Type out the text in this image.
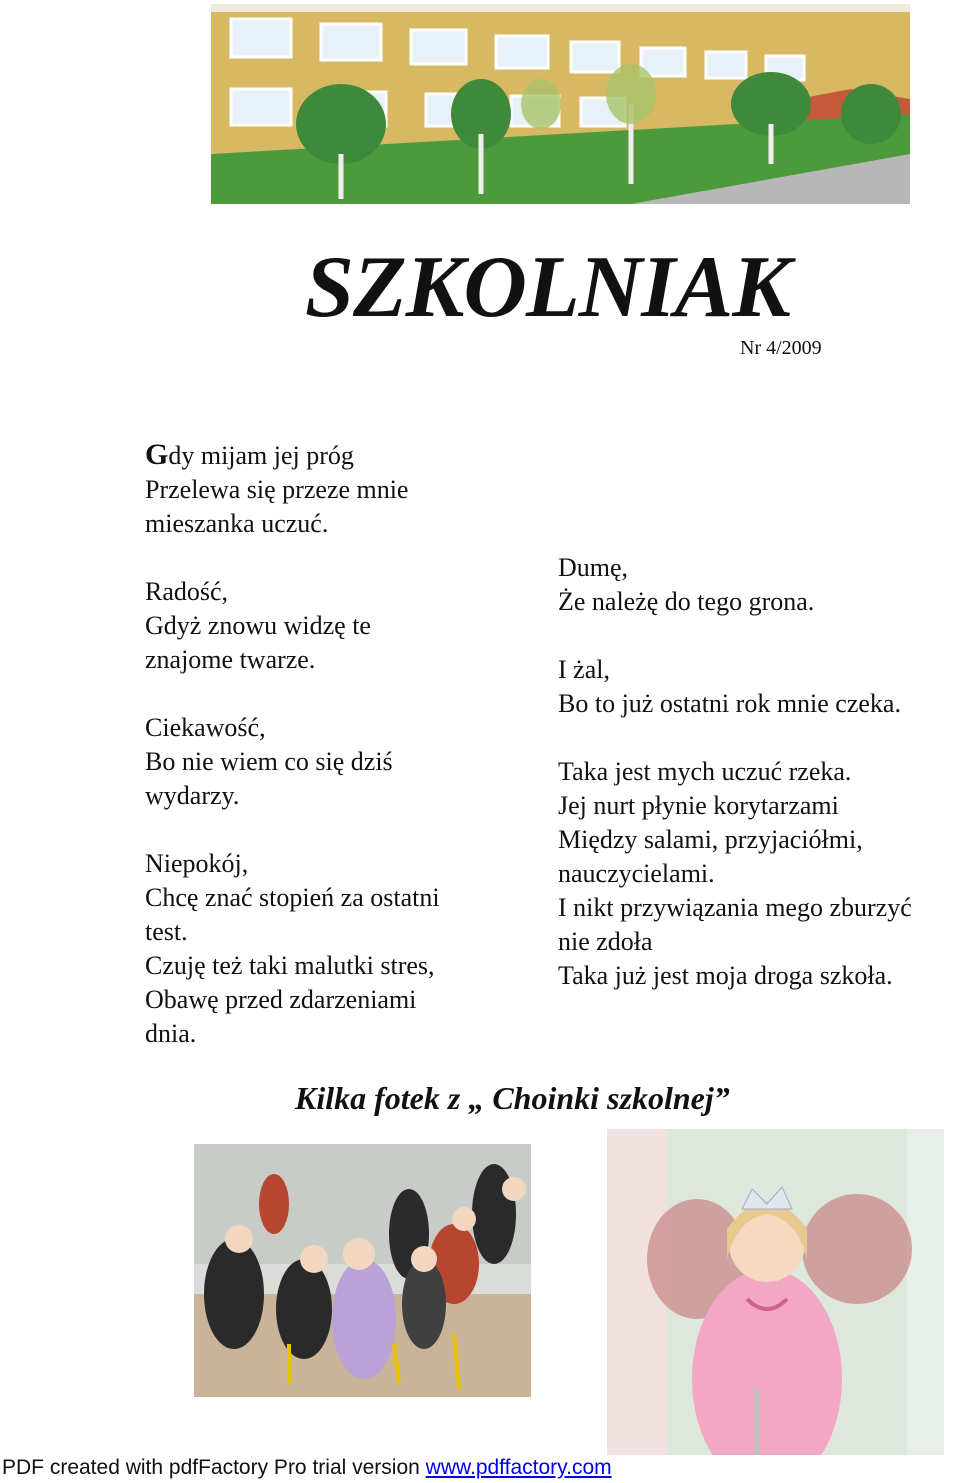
SZKOLNIAK
Nr 4/2009

Gdy mijam jej próg

Przelewa się przeze mnie

mieszanka uczuć.

Radość,

Gdyż znowu widzę te

znajome twarze.

Ciekawość,

Bo nie wiem co się dziś

wydarzy.

Niepokój,

Chcę znać stopień za ostatni

test.

Czuję też taki malutki stres,

Obawę przed zdarzeniami

dnia.

Dumę,

Że należę do tego grona.

I żal,

Bo to już ostatni rok mnie czeka.

Taka jest mych uczuć rzeka.

Jej nurt płynie korytarzami

Między salami, przyjaciółmi,

nauczycielami.

I nikt przywiązania mego zburzyć

nie zdoła

Taka już jest moja droga szkoła.

Kilka fotek z „ Choinki szkolnej”
PDF created with pdfFactory Pro trial version www.pdffactory.com
